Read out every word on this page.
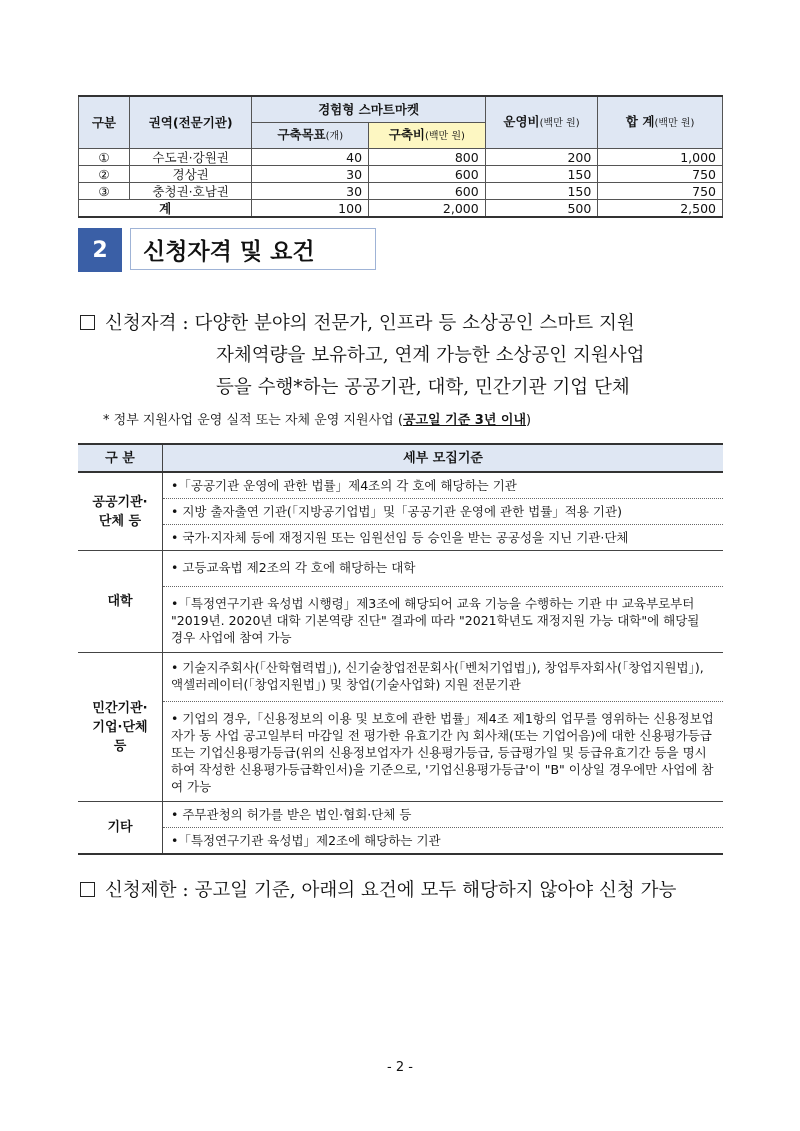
구분	권역(전문기관)	경험형 스마트마켓		운영비(백만 원)	합 계(백만 원)
		구축목표(개)	구축비(백만 원)		
①	수도권·강원권	40	800	200	1,000
②	경상권	30	600	150	750
③	충청권·호남권	30	600	150	750
계		100	2,000	500	2,500
2	신청자격 및 요건
신청자격 : 다양한 분야의 전문가, 인프라 등 소상공인 스마트 지원
자체역량을 보유하고, 연계 가능한 소상공인 지원사업
등을 수행*하는 공공기관, 대학, 민간기관 기업 단체
* 정부 지원사업 운영 실적 또는 자체 운영 지원사업 (공고일 기준 3년 이내)
구 분	세부 모집기준
공공기관·
단체 등	•「공공기관 운영에 관한 법률」제4조의 각 호에 해당하는 기관
	• 지방 출자출연 기관(「지방공기업법」및「공공기관 운영에 관한 법률」적용 기관)
	• 국가·지자체 등에 재정지원 또는 임원선임 등 승인을 받는 공공성을 지닌 기관·단체
대학	• 고등교육법 제2조의 각 호에 해당하는 대학
	•「특정연구기관 육성법 시행령」제3조에 해당되어 교육 기능을 수행하는 기관 中 교육부로부터 "2019년. 2020년 대학 기본역량 진단" 결과에 따라 "2021학년도 재정지원 가능 대학"에 해당될 경우 사업에 참여 가능
민간기관·
기업·단체
등	• 기술지주회사(「산학협력법」), 신기술창업전문회사(「벤처기업법」), 창업투자회사(「창업지원법」), 액셀러레이터(「창업지원법」) 및 창업(기술사업화) 지원 전문기관
	• 기업의 경우,「신용정보의 이용 및 보호에 관한 법률」제4조 제1항의 업무를 영위하는 신용정보업자가 동 사업 공고일부터 마감일 전 평가한 유효기간 內 회사채(또는 기업어음)에 대한 신용평가등급 또는 기업신용평가등급(위의 신용정보업자가 신용평가등급, 등급평가일 및 등급유효기간 등을 명시하여 작성한 신용평가등급확인서)을 기준으로, '기업신용평가등급'이 "B" 이상일 경우에만 사업에 참여 가능
기타	• 주무관청의 허가를 받은 법인·협회·단체 등
	•「특정연구기관 육성법」제2조에 해당하는 기관
신청제한 : 공고일 기준, 아래의 요건에 모두 해당하지 않아야 신청 가능
- 2 -
